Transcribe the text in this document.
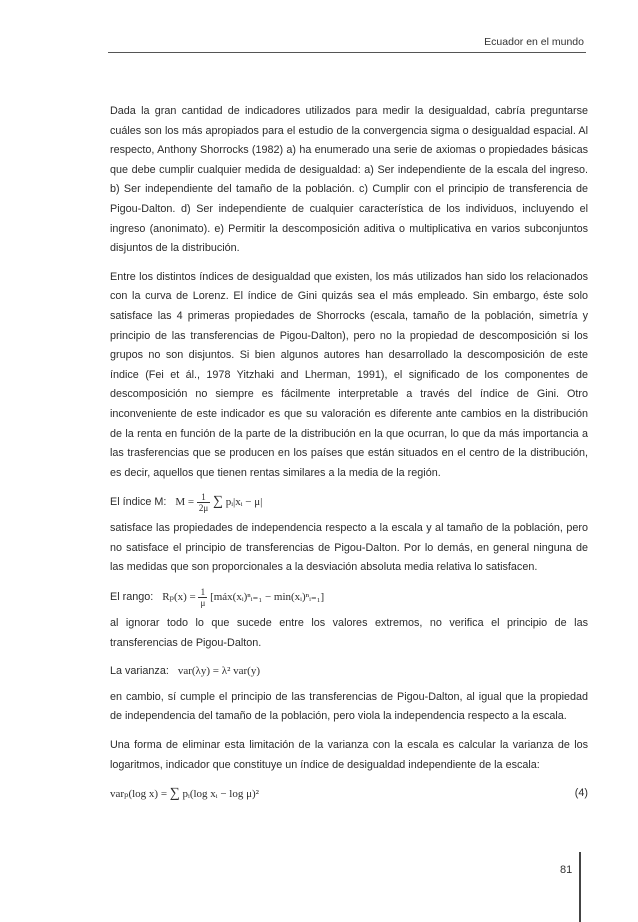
Ecuador en el mundo

Dada la gran cantidad de indicadores utilizados para medir la desigualdad, cabría preguntarse cuáles son los más apropiados para el estudio de la convergencia sigma o desigualdad espacial. Al respecto, Anthony Shorrocks (1982) a) ha enumerado una serie de axiomas o propiedades básicas que debe cumplir cualquier medida de desigualdad: a) Ser independiente de la escala del ingreso. b) Ser independiente del tamaño de la población. c) Cumplir con el principio de transferencia de Pigou-Dalton. d) Ser independiente de cualquier característica de los individuos, incluyendo el ingreso (anonimato). e) Permitir la descomposición aditiva o multiplicativa en varios subconjuntos disjuntos de la distribución.

Entre los distintos índices de desigualdad que existen, los más utilizados han sido los relacionados con la curva de Lorenz. El índice de Gini quizás sea el más empleado. Sin embargo, éste solo satisface las 4 primeras propiedades de Shorrocks (escala, tamaño de la población, simetría y principio de las transferencias de Pigou-Dalton), pero no la propiedad de descomposición si los grupos no son disjuntos. Si bien algunos autores han desarrollado la descomposición de este índice (Fei et ál., 1978 Yitzhaki and Lherman, 1991), el significado de los componentes de descomposición no siempre es fácilmente interpretable a través del índice de Gini. Otro inconveniente de este indicador es que su valoración es diferente ante cambios en la distribución de la renta en función de la parte de la distribución en la que ocurran, lo que da más importancia a las trasferencias que se producen en los países que están situados en el centro de la distribución, es decir, aquellos que tienen rentas similares a la media de la región.

El índice M: $M = \frac{1}{2\mu}$ ∑ pᵢ|xᵢ − μ|

satisface las propiedades de independencia respecto a la escala y al tamaño de la población, pero no satisface el principio de transferencias de Pigou-Dalton. Por lo demás, en general ninguna de las medidas que son proporcionales a la desviación absoluta media relativa lo satisfacen.

El rango: $R_p(x) = \frac{1}{\mu}$ [máx(xᵢ)ⁿᵢ₌₁ − min(xᵢ)ⁿᵢ₌₁]

al ignorar todo lo que sucede entre los valores extremos, no verifica el principio de las transferencias de Pigou-Dalton.

La varianza: var(λy) = λ² var(y)

en cambio, sí cumple el principio de las transferencias de Pigou-Dalton, al igual que la propiedad de independencia del tamaño de la población, pero viola la independencia respecto a la escala.

Una forma de eliminar esta limitación de la varianza con la escala es calcular la varianza de los logaritmos, indicador que constituye un índice de desigualdad independiente de la escala:

varₚ(log x) = ∑ pᵢ(log xᵢ − log μ)²	(4)
81
